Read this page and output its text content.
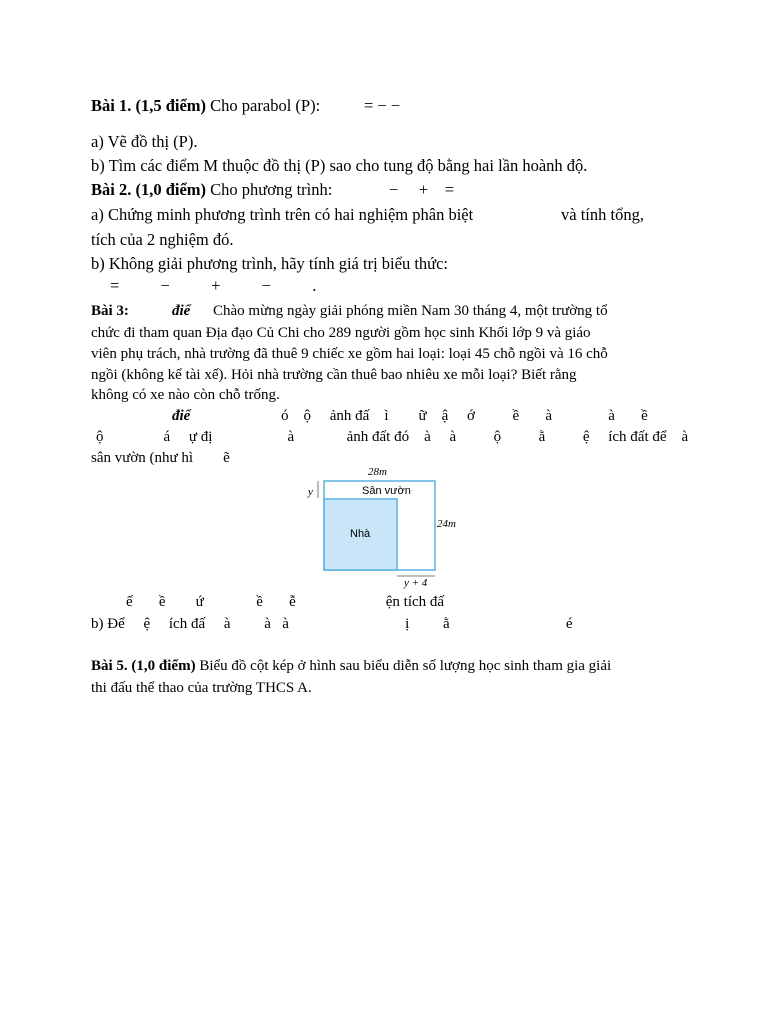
Bài 1. (1,5 điểm) Cho parabol (P):	= − −
a) Vẽ đồ thị (P).
b) Tìm các điểm M thuộc đồ thị (P) sao cho tung độ bằng hai lần hoành độ.
Bài 2. (1,0 điểm) Cho phương trình:	−     +    =
a) Chứng minh phương trình trên có hai nghiệm phân biệt	và tính tổng,
tích của 2 nghiệm đó.
b) Không giải phương trình, hãy tính giá trị biểu thức:
=          −          +          −          .
Bài 3:	điể Chào mừng ngày giải phóng miền Nam 30 tháng 4, một trường tổ
chức đi tham quan Địa đạo Củ Chi cho 289 người gồm học sinh Khối lớp 9 và giáo
viên phụ trách, nhà trường đã thuê 9 chiếc xe gồm hai loại: loại 45 chỗ ngồi và 16 chỗ
ngồi (không kể tài xế). Hỏi nhà trường cần thuê bao nhiêu xe mỗi loại? Biết rằng
không có xe nào còn chỗ trống.
điể	ó    ộ     ảnh đấ    ì        ữ    ậ     ớ          ề       à               à       ề
ộ                á     ự đị                    à              ảnh đất đó    à     à          ộ          ằ          ệ     ích đất để    à
sân vườn (như hì        ẽ
28m
y	Sân vườn
Nhà
24m
y + 4
ế       ề        ứ              ề       ễ                        ện tích đấ
b) Để     ệ     ích đấ     à         à   à                               ị         ằ                               é
Bài 5. (1,0 điểm) Biểu đồ cột kép ở hình sau biểu diễn số lượng học sinh tham gia giải
thi đấu thể thao của trường THCS A.
